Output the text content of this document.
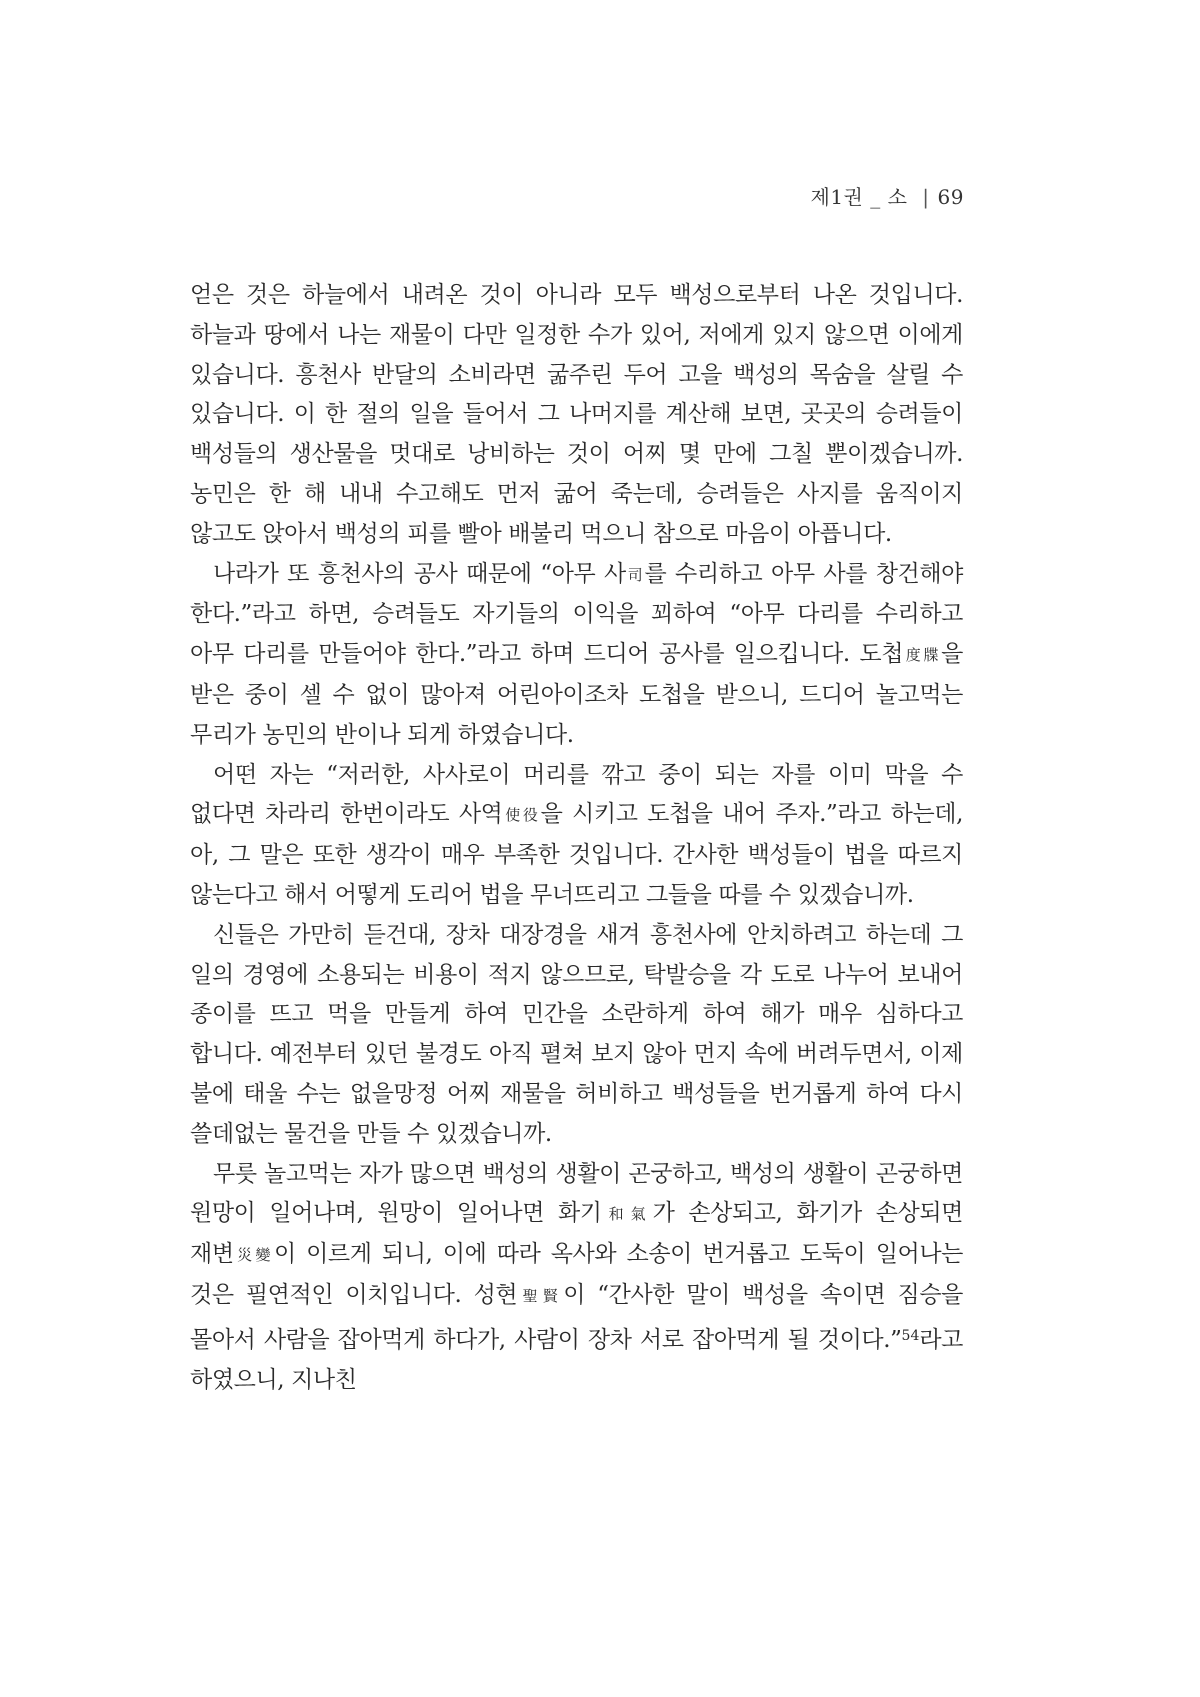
제1권 _ 소 | 69

얻은 것은 하늘에서 내려온 것이 아니라 모두 백성으로부터 나온 것입니다. 하늘과 땅에서 나는 재물이 다만 일정한 수가 있어, 저에게 있지 않으면 이에게 있습니다. 흥천사 반달의 소비라면 굶주린 두어 고을 백성의 목숨을 살릴 수 있습니다. 이 한 절의 일을 들어서 그 나머지를 계산해 보면, 곳곳의 승려들이 백성들의 생산물을 멋대로 낭비하는 것이 어찌 몇 만에 그칠 뿐이겠습니까. 농민은 한 해 내내 수고해도 먼저 굶어 죽는데, 승려들은 사지를 움직이지 않고도 앉아서 백성의 피를 빨아 배불리 먹으니 참으로 마음이 아픕니다.

나라가 또 흥천사의 공사 때문에 “아무 사司를 수리하고 아무 사를 창건해야 한다.”라고 하면, 승려들도 자기들의 이익을 꾀하여 “아무 다리를 수리하고 아무 다리를 만들어야 한다.”라고 하며 드디어 공사를 일으킵니다. 도첩度牒을 받은 중이 셀 수 없이 많아져 어린아이조차 도첩을 받으니, 드디어 놀고먹는 무리가 농민의 반이나 되게 하였습니다.

어떤 자는 “저러한, 사사로이 머리를 깎고 중이 되는 자를 이미 막을 수 없다면 차라리 한번이라도 사역使役을 시키고 도첩을 내어 주자.”라고 하는데, 아, 그 말은 또한 생각이 매우 부족한 것입니다. 간사한 백성들이 법을 따르지 않는다고 해서 어떻게 도리어 법을 무너뜨리고 그들을 따를 수 있겠습니까.

신들은 가만히 듣건대, 장차 대장경을 새겨 흥천사에 안치하려고 하는데 그 일의 경영에 소용되는 비용이 적지 않으므로, 탁발승을 각 도로 나누어 보내어 종이를 뜨고 먹을 만들게 하여 민간을 소란하게 하여 해가 매우 심하다고 합니다. 예전부터 있던 불경도 아직 펼쳐 보지 않아 먼지 속에 버려두면서, 이제 불에 태울 수는 없을망정 어찌 재물을 허비하고 백성들을 번거롭게 하여 다시 쓸데없는 물건을 만들 수 있겠습니까.

무릇 놀고먹는 자가 많으면 백성의 생활이 곤궁하고, 백성의 생활이 곤궁하면 원망이 일어나며, 원망이 일어나면 화기和氣가 손상되고, 화기가 손상되면 재변災變이 이르게 되니, 이에 따라 옥사와 소송이 번거롭고 도둑이 일어나는 것은 필연적인 이치입니다. 성현聖賢이 “간사한 말이 백성을 속이면 짐승을 몰아서 사람을 잡아먹게 하다가, 사람이 장차 서로 잡아먹게 될 것이다.”$^{54}$라고 하였으니, 지나친
